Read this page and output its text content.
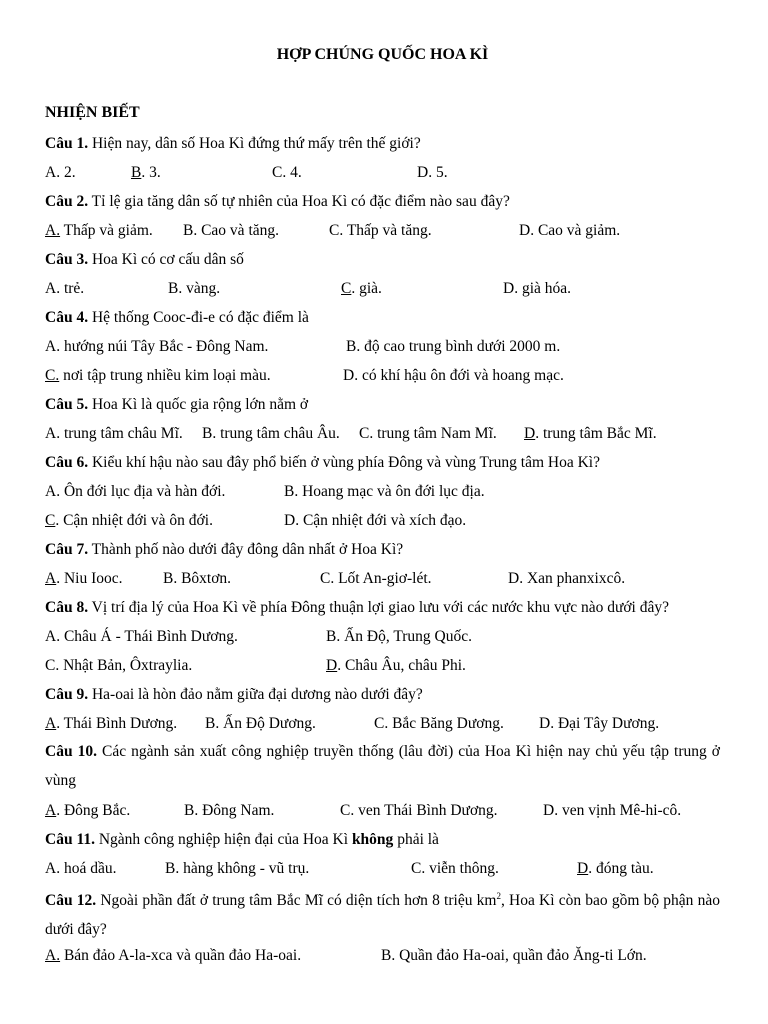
HỢP CHÚNG QUỐC HOA KÌ
NHIỆN BIẾT
Câu 1. Hiện nay, dân số Hoa Kì đứng thứ mấy trên thế giới?
A. 2.	B. 3.	C. 4.	D. 5.
Câu 2. Tỉ lệ gia tăng dân số tự nhiên của Hoa Kì có đặc điểm nào sau đây?
A. Thấp và giảm. B. Cao và tăng.	C. Thấp và tăng.	D. Cao và giảm.
Câu 3. Hoa Kì có cơ cấu dân số
A. trẻ.	B. vàng.	C. già.	D. già hóa.
Câu 4. Hệ thống Cooc-đi-e có đặc điểm là
A. hướng núi Tây Bắc - Đông Nam.	B. độ cao trung bình dưới 2000 m.
C. nơi tập trung nhiều kim loại màu.	D. có khí hậu ôn đới và hoang mạc.
Câu 5. Hoa Kì là quốc gia rộng lớn nằm ở
A. trung tâm châu Mĩ. B. trung tâm châu Âu. C. trung tâm Nam Mĩ. D. trung tâm Bắc Mĩ.
Câu 6. Kiểu khí hậu nào sau đây phổ biến ở vùng phía Đông và vùng Trung tâm Hoa Kì?
A. Ôn đới lục địa và hàn đới.	B. Hoang mạc và ôn đới lục địa.
C. Cận nhiệt đới và ôn đới.	D. Cận nhiệt đới và xích đạo.
Câu 7. Thành phố nào dưới đây đông dân nhất ở Hoa Kì?
A. Niu Iooc.	B. Bôxtơn.	C. Lốt An-giơ-lét.	D. Xan phanxixcô.
Câu 8. Vị trí địa lý của Hoa Kì về phía Đông thuận lợi giao lưu với các nước khu vực nào dưới đây?
A. Châu Á - Thái Bình Dương.	B. Ấn Độ, Trung Quốc.
C. Nhật Bản, Ôxtraylia.	D. Châu Âu, châu Phi.
Câu 9. Ha-oai là hòn đảo nằm giữa đại dương nào dưới đây?
A. Thái Bình Dương. B. Ấn Độ Dương.	C. Bắc Băng Dương. D. Đại Tây Dương.
Câu 10. Các ngành sản xuất công nghiệp truyền thống (lâu đời) của Hoa Kì hiện nay chủ yếu tập trung ở vùng
A. Đông Bắc.	B. Đông Nam.	C. ven Thái Bình Dương.	D. ven vịnh Mê-hi-cô.
Câu 11. Ngành công nghiệp hiện đại của Hoa Kì không phải là
A. hoá dầu.	B. hàng không - vũ trụ.	C. viễn thông.	D. đóng tàu.
Câu 12. Ngoài phần đất ở trung tâm Bắc Mĩ có diện tích hơn 8 triệu $km^2$, Hoa Kì còn bao gồm bộ phận nào dưới đây?
A. Bán đảo A-la-xca và quần đảo Ha-oai.	B. Quần đảo Ha-oai, quần đảo Ăng-ti Lớn.
